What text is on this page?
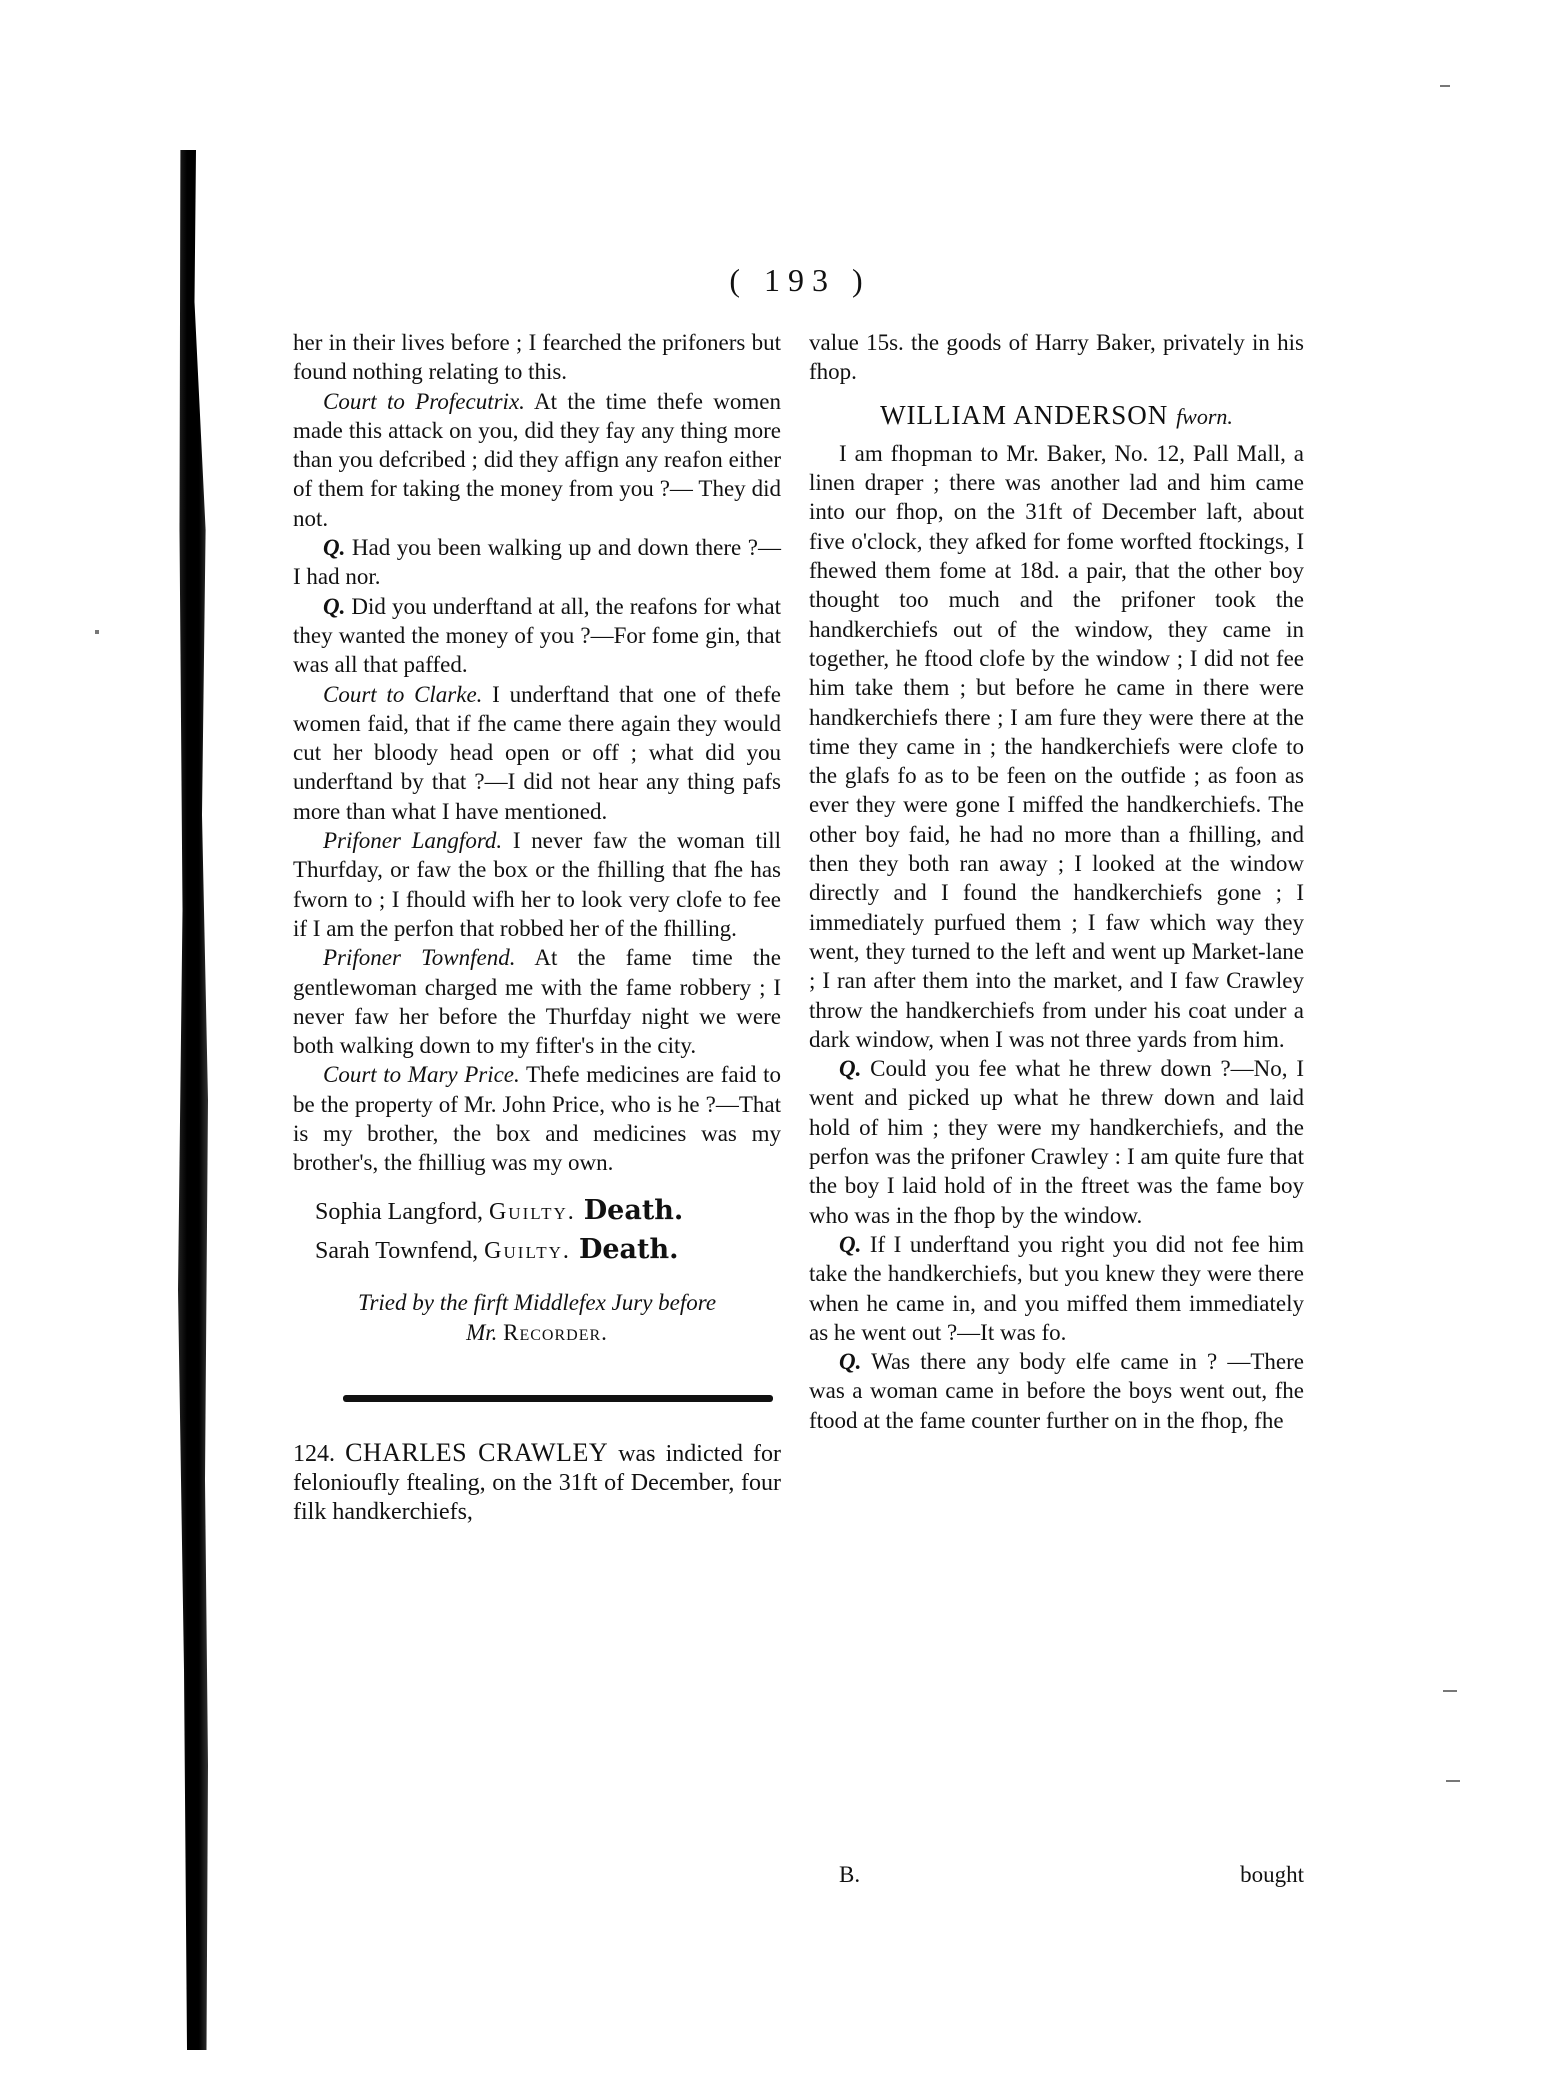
( 193 )

her in their lives before ; I fearched the prifoners but found nothing relating to this.

Court to Profecutrix. At the time thefe women made this attack on you, did they fay any thing more than you defcribed ; did they affign any reafon either of them for taking the money from you ?— They did not.

Q. Had you been walking up and down there ?—I had nor.

Q. Did you underftand at all, the reafons for what they wanted the money of you ?—For fome gin, that was all that paffed.

Court to Clarke. I underftand that one of thefe women faid, that if fhe came there again they would cut her bloody head open or off ; what did you underftand by that ?—I did not hear any thing pafs more than what I have mentioned.

Prifoner Langford. I never faw the woman till Thurfday, or faw the box or the fhilling that fhe has fworn to ; I fhould wifh her to look very clofe to fee if I am the perfon that robbed her of the fhilling.

Prifoner Townfend. At the fame time the gentlewoman charged me with the fame robbery ; I never faw her before the Thurfday night we were both walking down to my fifter's in the city.

Court to Mary Price. Thefe medicines are faid to be the property of Mr. John Price, who is he ?—That is my brother, the box and medicines was my brother's, the fhilliug was my own.

Sophia Langford, Guilty. Death.

Sarah Townfend, Guilty. Death.

Tried by the firft Middlefex Jury before
Mr. Recorder.

124. CHARLES CRAWLEY was indicted for felonioufly ftealing, on the 31ft of December, four filk handkerchiefs,

value 15s. the goods of Harry Baker, privately in his fhop.

WILLIAM ANDERSON fworn.

I am fhopman to Mr. Baker, No. 12, Pall Mall, a linen draper ; there was another lad and him came into our fhop, on the 31ft of December laft, about five o'clock, they afked for fome worfted ftockings, I fhewed them fome at 18d. a pair, that the other boy thought too much and the prifoner took the handkerchiefs out of the window, they came in together, he ftood clofe by the window ; I did not fee him take them ; but before he came in there were handkerchiefs there ; I am fure they were there at the time they came in ; the handkerchiefs were clofe to the glafs fo as to be feen on the outfide ; as foon as ever they were gone I miffed the handkerchiefs. The other boy faid, he had no more than a fhilling, and then they both ran away ; I looked at the window directly and I found the handkerchiefs gone ; I immediately purfued them ; I faw which way they went, they turned to the left and went up Market-lane ; I ran after them into the market, and I faw Crawley throw the handkerchiefs from under his coat under a dark window, when I was not three yards from him.

Q. Could you fee what he threw down ?—No, I went and picked up what he threw down and laid hold of him ; they were my handkerchiefs, and the perfon was the prifoner Crawley : I am quite fure that the boy I laid hold of in the ftreet was the fame boy who was in the fhop by the window.

Q. If I underftand you right you did not fee him take the handkerchiefs, but you knew they were there when he came in, and you miffed them immediately as he went out ?—It was fo.

Q. Was there any body elfe came in ? —There was a woman came in before the boys went out, fhe ftood at the fame counter further on in the fhop, fhe

B.	bought
